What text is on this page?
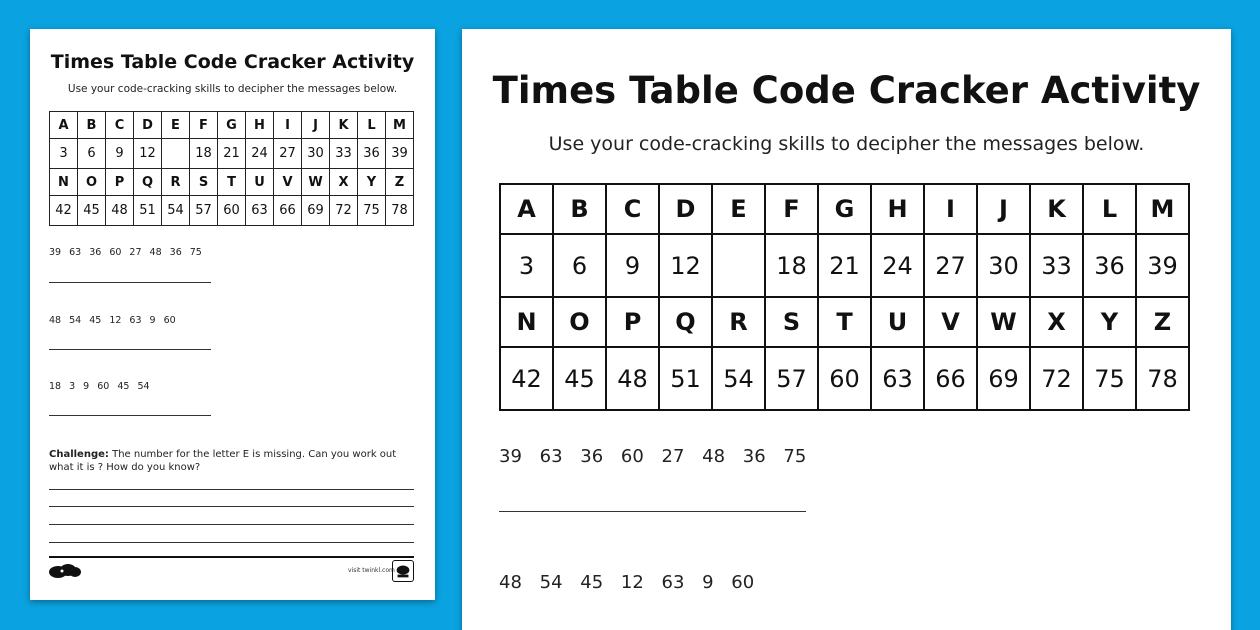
Times Table Code Cracker Activity
Use your code-cracking skills to decipher the messages below.
A	B	C	D	E	F	G	H	I	J	K	L	M
3	6	9	12		18	21	24	27	30	33	36	39
N	O	P	Q	R	S	T	U	V	W	X	Y	Z
42	45	48	51	54	57	60	63	66	69	72	75	78
39 63 36 60 27 48 36 75
48 54 45 12 63 9 60
18 3 9 60 45 54
Challenge: The number for the letter E is missing. Can you work out what it is ? How do you know?
visit twinkl.com
Times Table Code Cracker Activity
Use your code-cracking skills to decipher the messages below.
A	B	C	D	E	F	G	H	I	J	K	L	M
3	6	9	12		18	21	24	27	30	33	36	39
N	O	P	Q	R	S	T	U	V	W	X	Y	Z
42	45	48	51	54	57	60	63	66	69	72	75	78
39 63 36 60 27 48 36 75
48 54 45 12 63 9 60
